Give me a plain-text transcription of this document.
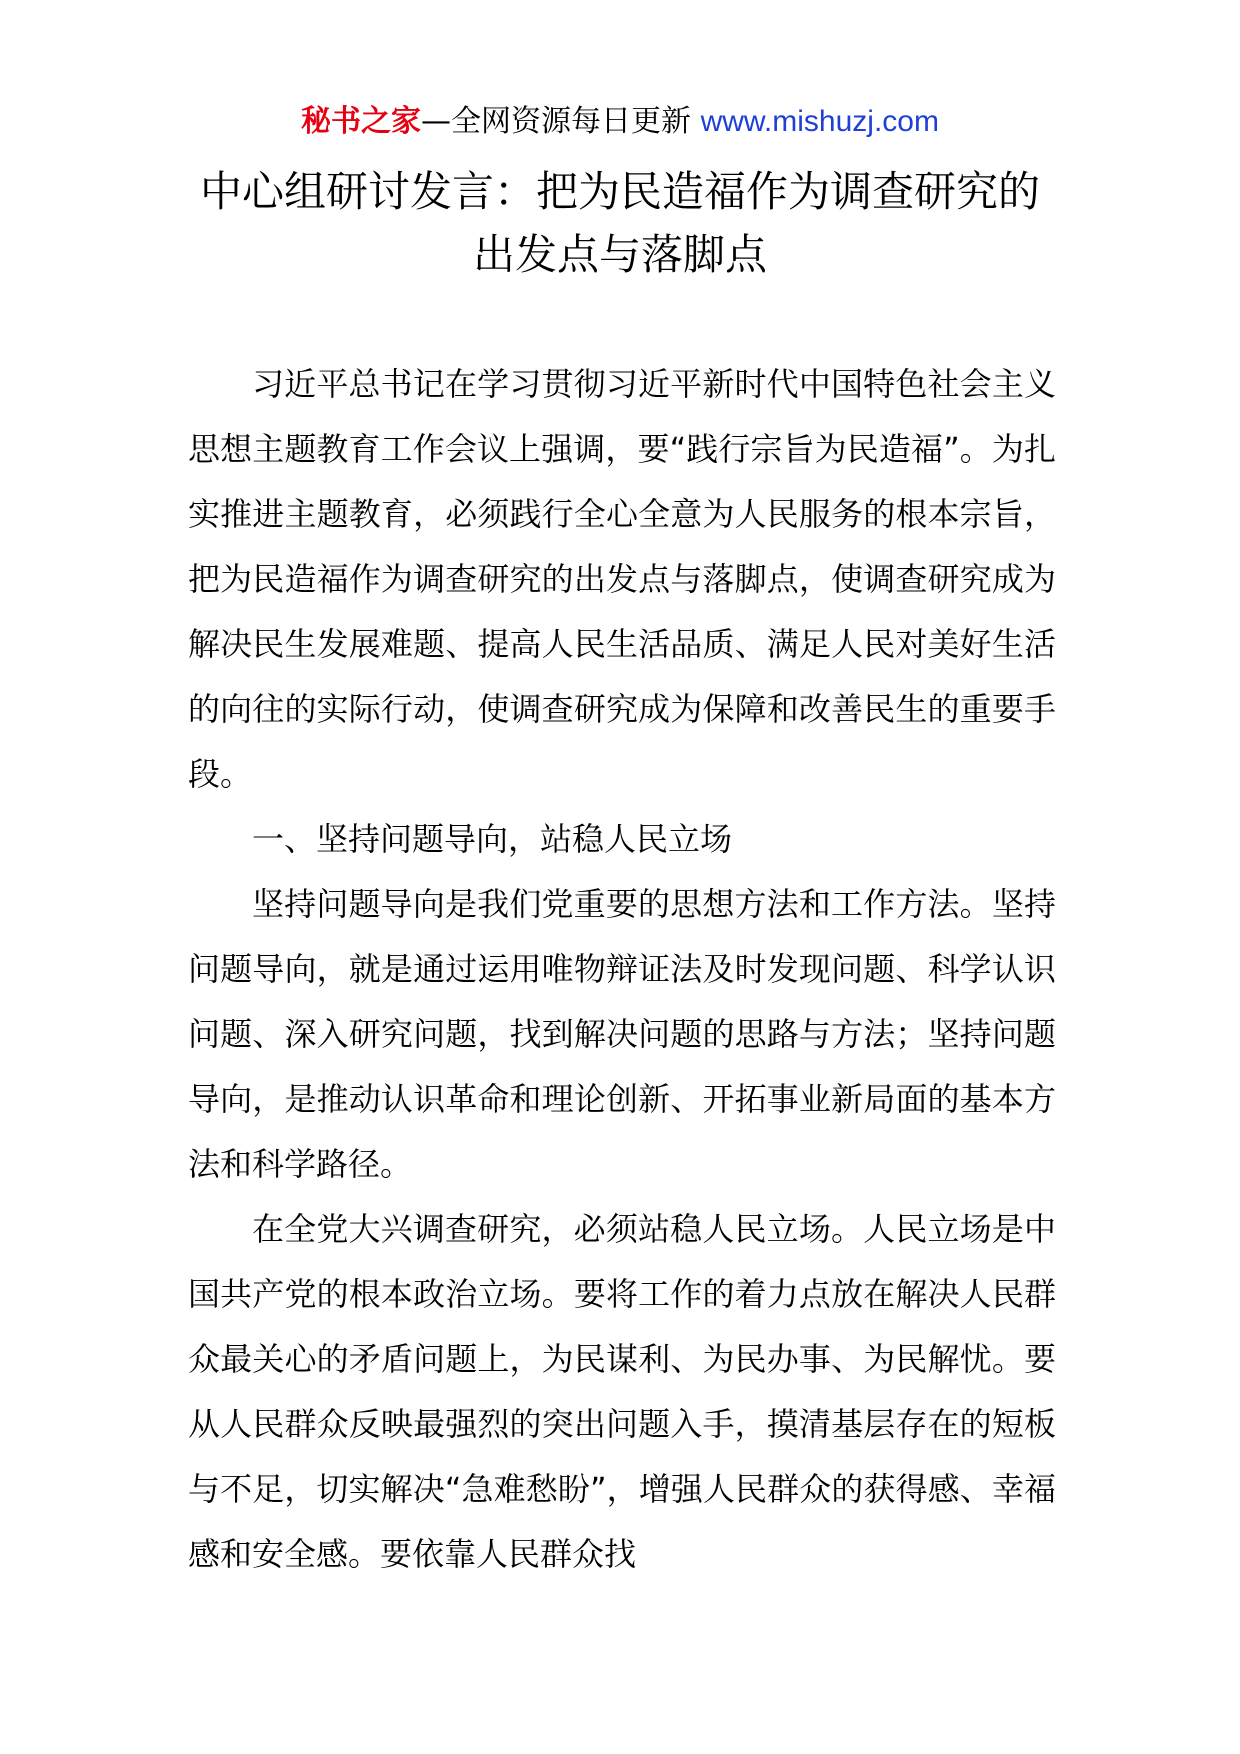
秘书之家—全网资源每日更新 www.mishuzj.com
中心组研讨发言：把为民造福作为调查研究的
出发点与落脚点

习近平总书记在学习贯彻习近平新时代中国特色社会主义思想主题教育工作会议上强调，要“践行宗旨为民造福”。为扎实推进主题教育，必须践行全心全意为人民服务的根本宗旨，把为民造福作为调查研究的出发点与落脚点，使调查研究成为解决民生发展难题、提高人民生活品质、满足人民对美好生活的向往的实际行动，使调查研究成为保障和改善民生的重要手段。

一、坚持问题导向，站稳人民立场

坚持问题导向是我们党重要的思想方法和工作方法。坚持问题导向，就是通过运用唯物辩证法及时发现问题、科学认识问题、深入研究问题，找到解决问题的思路与方法；坚持问题导向，是推动认识革命和理论创新、开拓事业新局面的基本方法和科学路径。

在全党大兴调查研究，必须站稳人民立场。人民立场是中国共产党的根本政治立场。要将工作的着力点放在解决人民群众最关心的矛盾问题上，为民谋利、为民办事、为民解忧。要从人民群众反映最强烈的突出问题入手，摸清基层存在的短板与不足，切实解决“急难愁盼”，增强人民群众的获得感、幸福感和安全感。要依靠人民群众找
